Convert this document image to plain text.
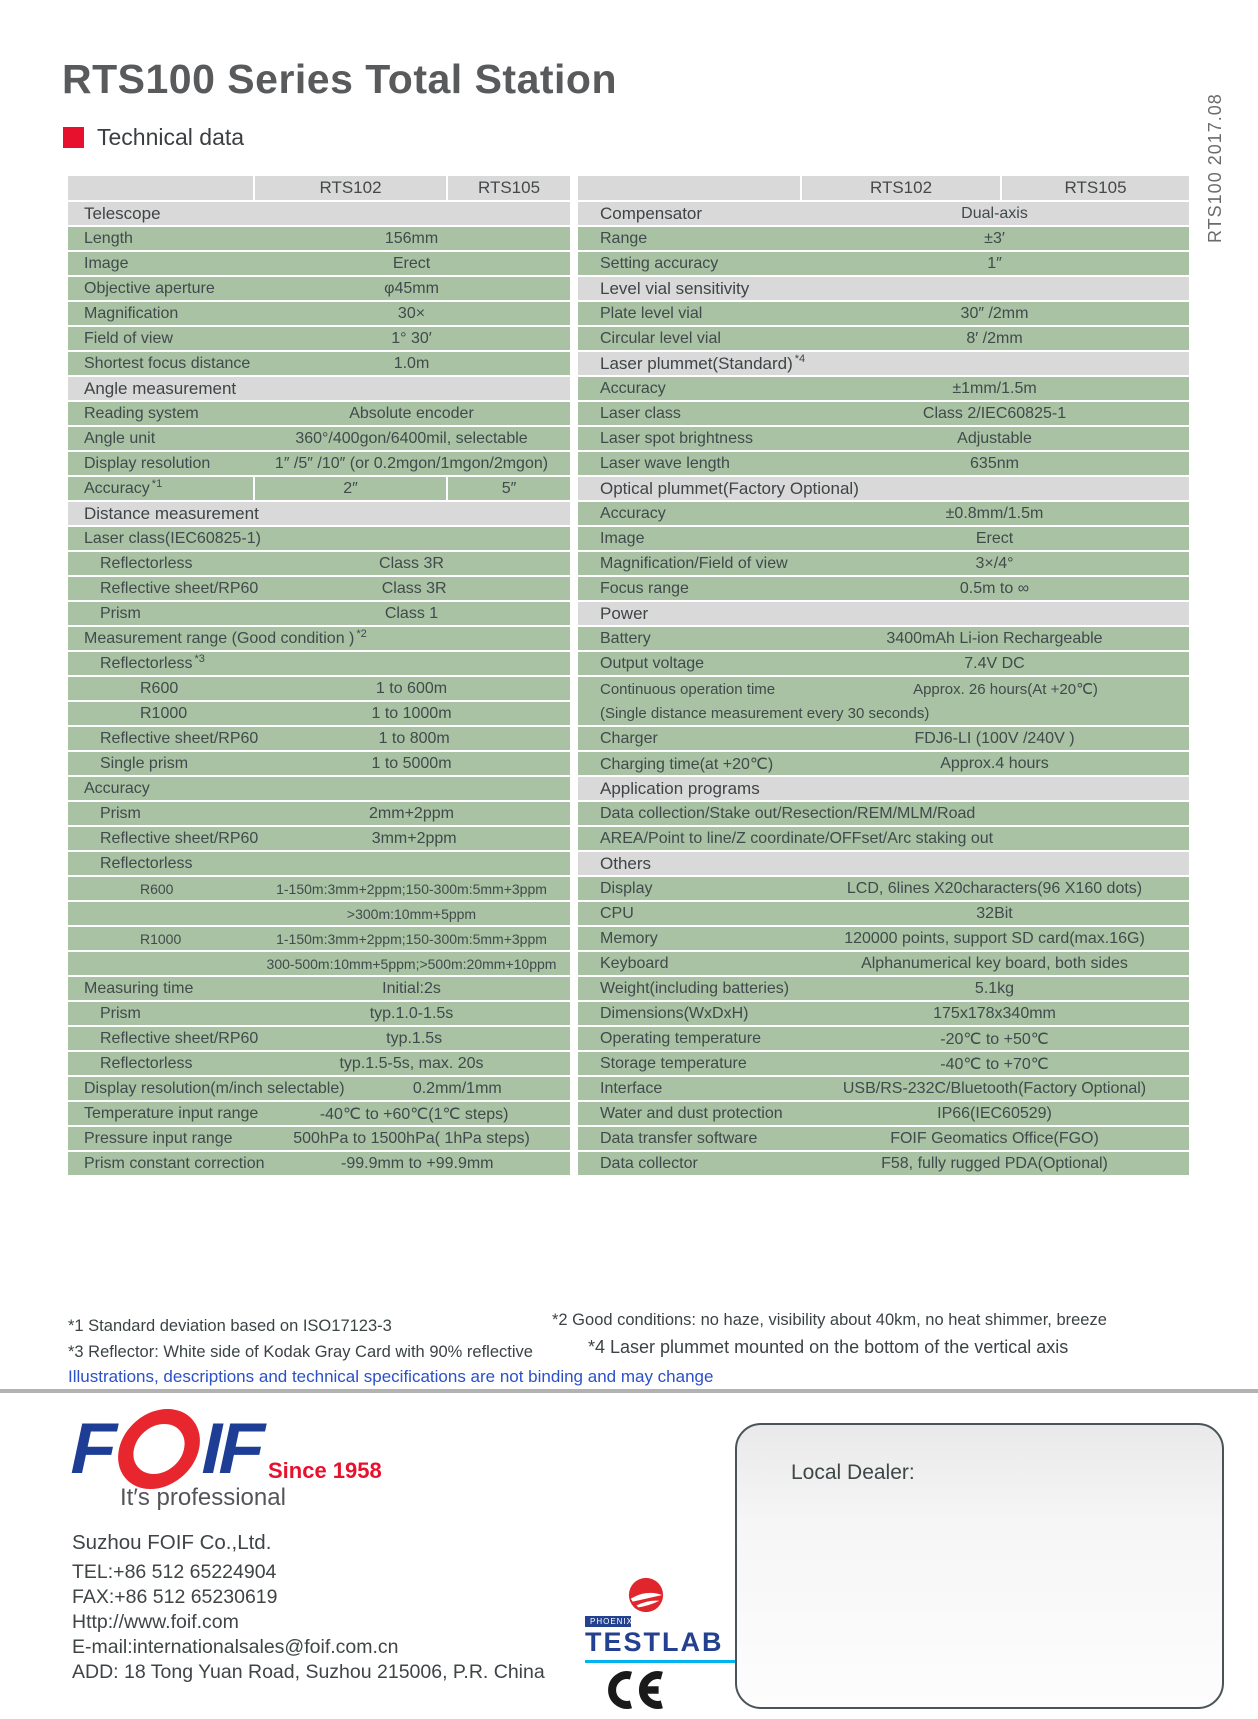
RTS100 Series Total Station
Technical data	RTS100 2017.08
RTS102	RTS105
Telescope
Length	156mm
Image	Erect
Objective aperture	φ45mm
Magnification	30×
Field of view	1° 30′
Shortest focus distance	1.0m
Angle measurement
Reading system	Absolute encoder
Angle unit	360°/400gon/6400mil, selectable
Display resolution	1″ /5″ /10″ (or 0.2mgon/1mgon/2mgon)
Accuracy$^{*1}$	2″	5″
Distance measurement
Laser class(IEC60825-1)
Reflectorless	Class 3R
Reflective sheet/RP60	Class 3R
Prism	Class 1
Measurement range (Good condition )$^{*2}$
Reflectorless$^{*3}$
R600	1 to 600m
R1000	1 to 1000m
Reflective sheet/RP60	1 to 800m
Single prism	1 to 5000m
Accuracy
Prism	2mm+2ppm
Reflective sheet/RP60	3mm+2ppm
Reflectorless
R600	1-150m:3mm+2ppm;150-300m:5mm+3ppm
>300m:10mm+5ppm
R1000	1-150m:3mm+2ppm;150-300m:5mm+3ppm
300-500m:10mm+5ppm;>500m:20mm+10ppm
Measuring time	Initial:2s
Prism	typ.1.0-1.5s
Reflective sheet/RP60	typ.1.5s
Reflectorless	typ.1.5-5s, max. 20s
Display resolution(m/inch selectable)	0.2mm/1mm
Temperature input range	-40℃ to +60℃(1℃ steps)
Pressure input range	500hPa to 1500hPa( 1hPa steps)
Prism constant correction	-99.9mm to +99.9mm
RTS102	RTS105
Compensator	Dual-axis
Range	±3′
Setting accuracy	1″
Level vial sensitivity
Plate level vial	30″ /2mm
Circular level vial	8′ /2mm
Laser plummet(Standard)$^{*4}$
Accuracy	±1mm/1.5m
Laser class	Class 2/IEC60825-1
Laser spot brightness	Adjustable
Laser wave length	635nm
Optical plummet(Factory Optional)
Accuracy	±0.8mm/1.5m
Image	Erect
Magnification/Field of view	3×/4°
Focus range	0.5m to ∞
Power
Battery	3400mAh Li-ion Rechargeable
Output voltage	7.4V DC
Continuous operation time	Approx. 26 hours(At +20℃)
(Single distance measurement every 30 seconds)
Charger	FDJ6-LI (100V /240V )
Charging time(at +20℃)	Approx.4 hours
Application programs
Data collection/Stake out/Resection/REM/MLM/Road
AREA/Point to line/Z coordinate/OFFset/Arc staking out
Others
Display	LCD, 6lines X20characters(96 X160 dots)
CPU	32Bit
Memory	120000 points, support SD card(max.16G)
Keyboard	Alphanumerical key board, both sides
Weight(including batteries)	5.1kg
Dimensions(WxDxH)	175x178x340mm
Operating temperature	-20℃ to +50℃
Storage temperature	-40℃ to +70℃
Interface	USB/RS-232C/Bluetooth(Factory Optional)
Water and dust protection	IP66(IEC60529)
Data transfer software	FOIF Geomatics Office(FGO)
Data collector	F58, fully rugged PDA(Optional)
*1 Standard deviation based on ISO17123-3	*2 Good conditions: no haze, visibility about 40km, no heat shimmer, breeze
*3 Reflector: White side of Kodak Gray Card with 90% reflective	*4 Laser plummet mounted on the bottom of the vertical axis
Illustrations, descriptions and technical specifications are not binding and may change
F IF
Since 1958
It′s professional
Suzhou FOIF Co.,Ltd.
TEL:+86 512 65224904
FAX:+86 512 65230619
Http://www.foif.com
E-mail:internationalsales@foif.com.cn
ADD: 18 Tong Yuan Road, Suzhou 215006, P.R. China
PHOENIX
TESTLAB
Local Dealer:
